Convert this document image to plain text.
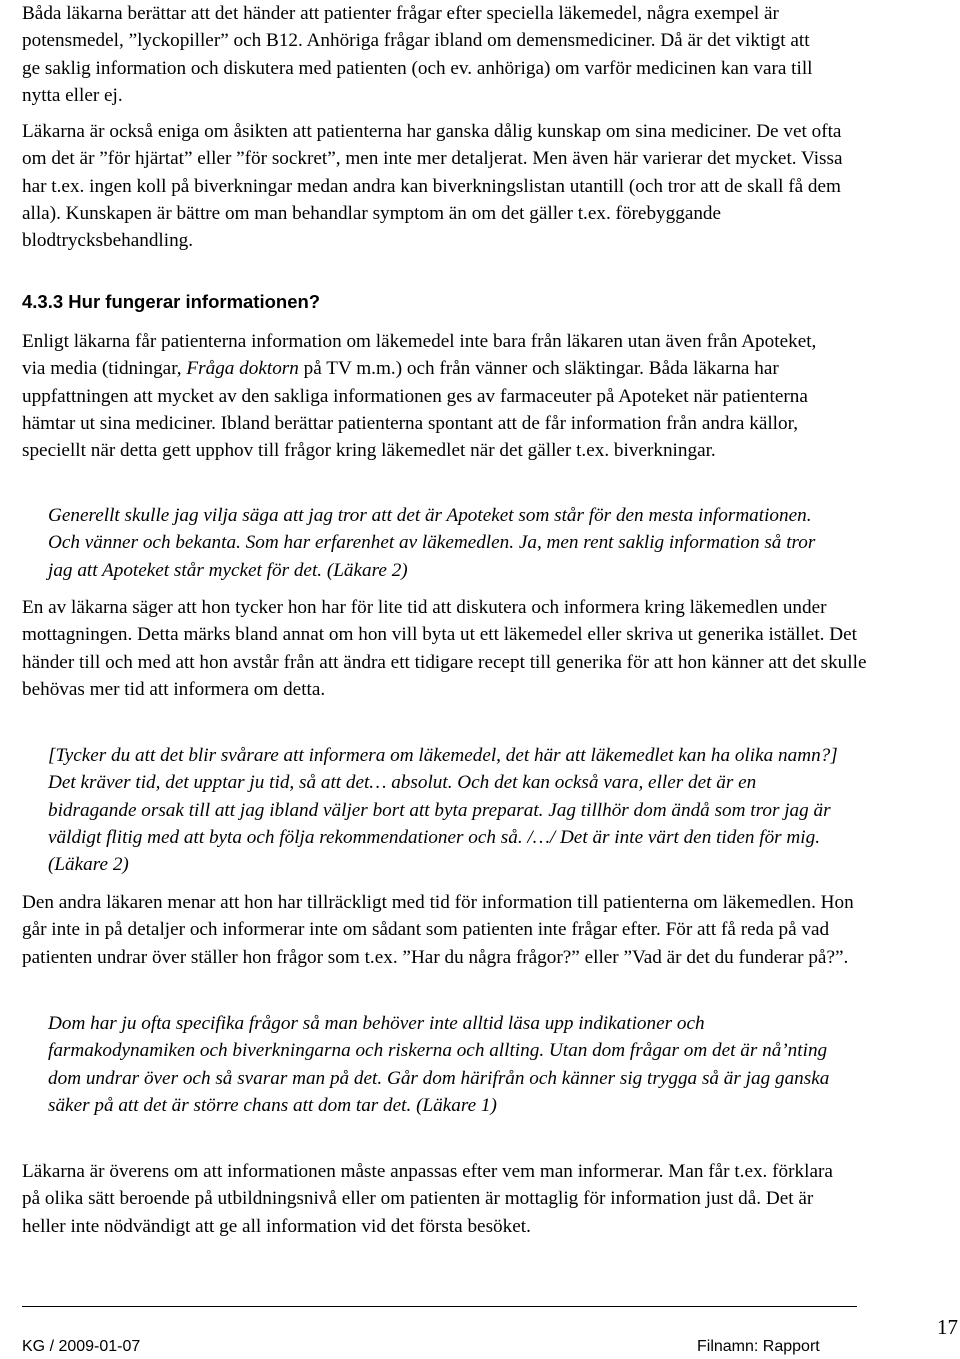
Båda läkarna berättar att det händer att patienter frågar efter speciella läkemedel, några exempel är potensmedel, ”lyckopiller” och B12. Anhöriga frågar ibland om demensmediciner. Då är det viktigt att ge saklig information och diskutera med patienten (och ev. anhöriga) om varför medicinen kan vara till nytta eller ej.

Läkarna är också eniga om åsikten att patienterna har ganska dålig kunskap om sina mediciner. De vet ofta om det är ”för hjärtat” eller ”för sockret”, men inte mer detaljerat. Men även här varierar det mycket. Vissa har t.ex. ingen koll på biverkningar medan andra kan biverkningslistan utantill (och tror att de skall få dem alla). Kunskapen är bättre om man behandlar symptom än om det gäller t.ex. förebyggande blodtrycksbehandling.

Enligt läkarna får patienterna information om läkemedel inte bara från läkaren utan även från Apoteket, via media (tidningar, Fråga doktorn på TV m.m.) och från vänner och släktingar. Båda läkarna har uppfattningen att mycket av den sakliga informationen ges av farmaceuter på Apoteket när patienterna hämtar ut sina mediciner. Ibland berättar patienterna spontant att de får information från andra källor, speciellt när detta gett upphov till frågor kring läkemedlet när det gäller t.ex. biverkningar.

Generellt skulle jag vilja säga att jag tror att det är Apoteket som står för den mesta informationen. Och vänner och bekanta. Som har erfarenhet av läkemedlen. Ja, men rent saklig information så tror jag att Apoteket står mycket för det. (Läkare 2)

En av läkarna säger att hon tycker hon har för lite tid att diskutera och informera kring läkemedlen under mottagningen. Detta märks bland annat om hon vill byta ut ett läkemedel eller skriva ut generika istället. Det händer till och med att hon avstår från att ändra ett tidigare recept till generika för att hon känner att det skulle behövas mer tid att informera om detta.

[Tycker du att det blir svårare att informera om läkemedel, det här att läkemedlet kan ha olika namn?] Det kräver tid, det upptar ju tid, så att det… absolut. Och det kan också vara, eller det är en bidragande orsak till att jag ibland väljer bort att byta preparat. Jag tillhör dom ändå som tror jag är väldigt flitig med att byta och följa rekommendationer och så. /…/ Det är inte värt den tiden för mig. (Läkare 2)

Den andra läkaren menar att hon har tillräckligt med tid för information till patienterna om läkemedlen. Hon går inte in på detaljer och informerar inte om sådant som patienten inte frågar efter. För att få reda på vad patienten undrar över ställer hon frågor som t.ex. ”Har du några frågor?” eller ”Vad är det du funderar på?”.

Dom har ju ofta specifika frågor så man behöver inte alltid läsa upp indikationer och farmakodynamiken och biverkningarna och riskerna och allting. Utan dom frågar om det är nå’nting dom undrar över och så svarar man på det. Går dom härifrån och känner sig trygga så är jag ganska säker på att det är större chans att dom tar det. (Läkare 1)

Läkarna är överens om att informationen måste anpassas efter vem man informerar. Man får t.ex. förklara på olika sätt beroende på utbildningsnivå eller om patienten är mottaglig för information just då. Det är heller inte nödvändigt att ge all information vid det första besöket.

4.3.3 Hur fungerar informationen?
KG / 2009-01-07	Filnamn: Rapport
17
